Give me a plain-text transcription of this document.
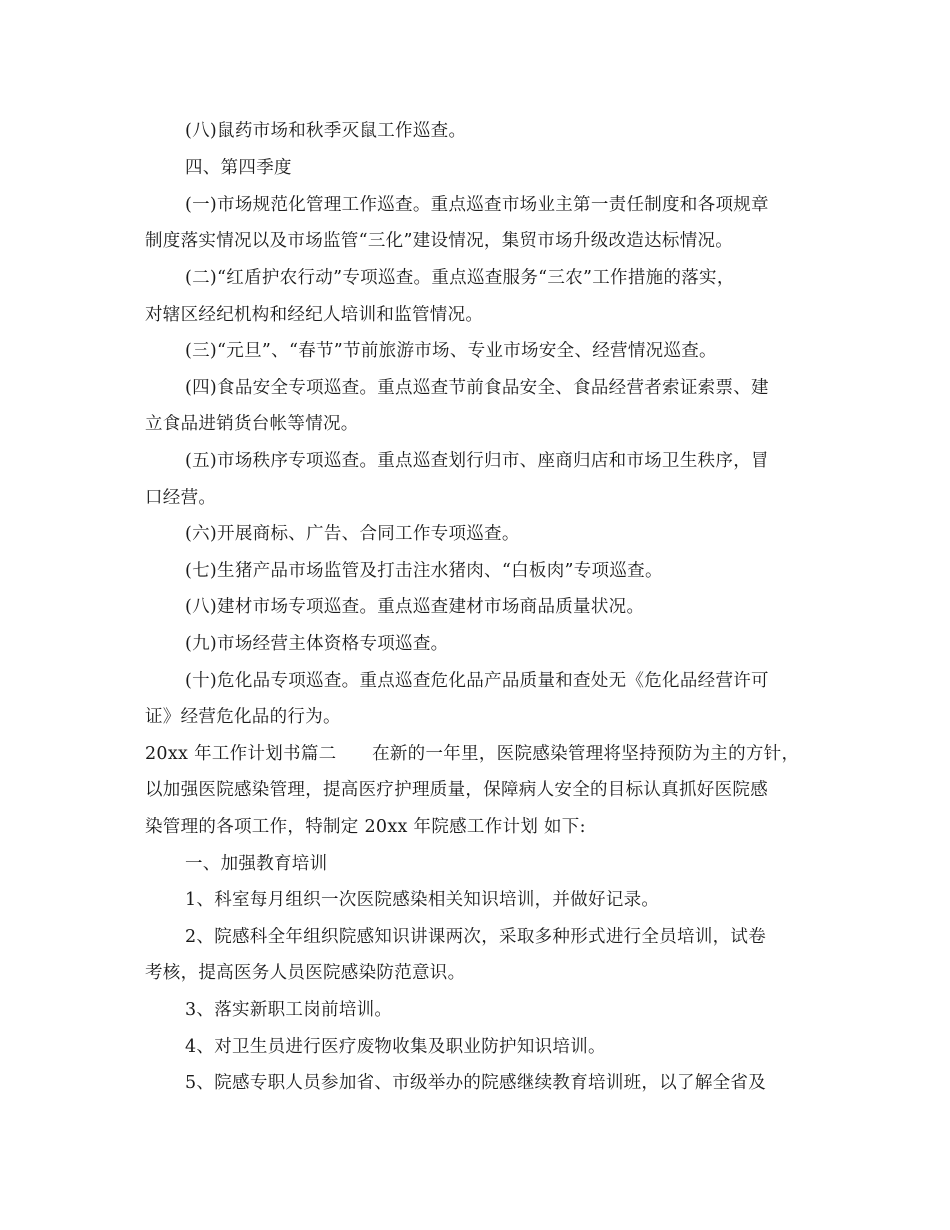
(八)鼠药市场和秋季灭鼠工作巡查。
四、第四季度
(一)市场规范化管理工作巡查。重点巡查市场业主第一责任制度和各项规章
制度落实情况以及市场监管“三化”建设情况，集贸市场升级改造达标情况。
(二)“红盾护农行动”专项巡查。重点巡查服务“三农”工作措施的落实，
对辖区经纪机构和经纪人培训和监管情况。
(三)“元旦”、“春节”节前旅游市场、专业市场安全、经营情况巡查。
(四)食品安全专项巡查。重点巡查节前食品安全、食品经营者索证索票、建
立食品进销货台帐等情况。
(五)市场秩序专项巡查。重点巡查划行归市、座商归店和市场卫生秩序，冒
口经营。
(六)开展商标、广告、合同工作专项巡查。
(七)生猪产品市场监管及打击注水猪肉、“白板肉”专项巡查。
(八)建材市场专项巡查。重点巡查建材市场商品质量状况。
(九)市场经营主体资格专项巡查。
(十)危化品专项巡查。重点巡查危化品产品质量和查处无《危化品经营许可
证》经营危化品的行为。
20xx 年工作计划书篇二　　在新的一年里，医院感染管理将坚持预防为主的方针，
以加强医院感染管理，提高医疗护理质量，保障病人安全的目标认真抓好医院感
染管理的各项工作，特制定 20xx 年院感工作计划 如下:
一、加强教育培训
1、科室每月组织一次医院感染相关知识培训，并做好记录。
2、院感科全年组织院感知识讲课两次，采取多种形式进行全员培训，试卷
考核，提高医务人员医院感染防范意识。
3、落实新职工岗前培训。
4、对卫生员进行医疗废物收集及职业防护知识培训。
5、院感专职人员参加省、市级举办的院感继续教育培训班，以了解全省及
